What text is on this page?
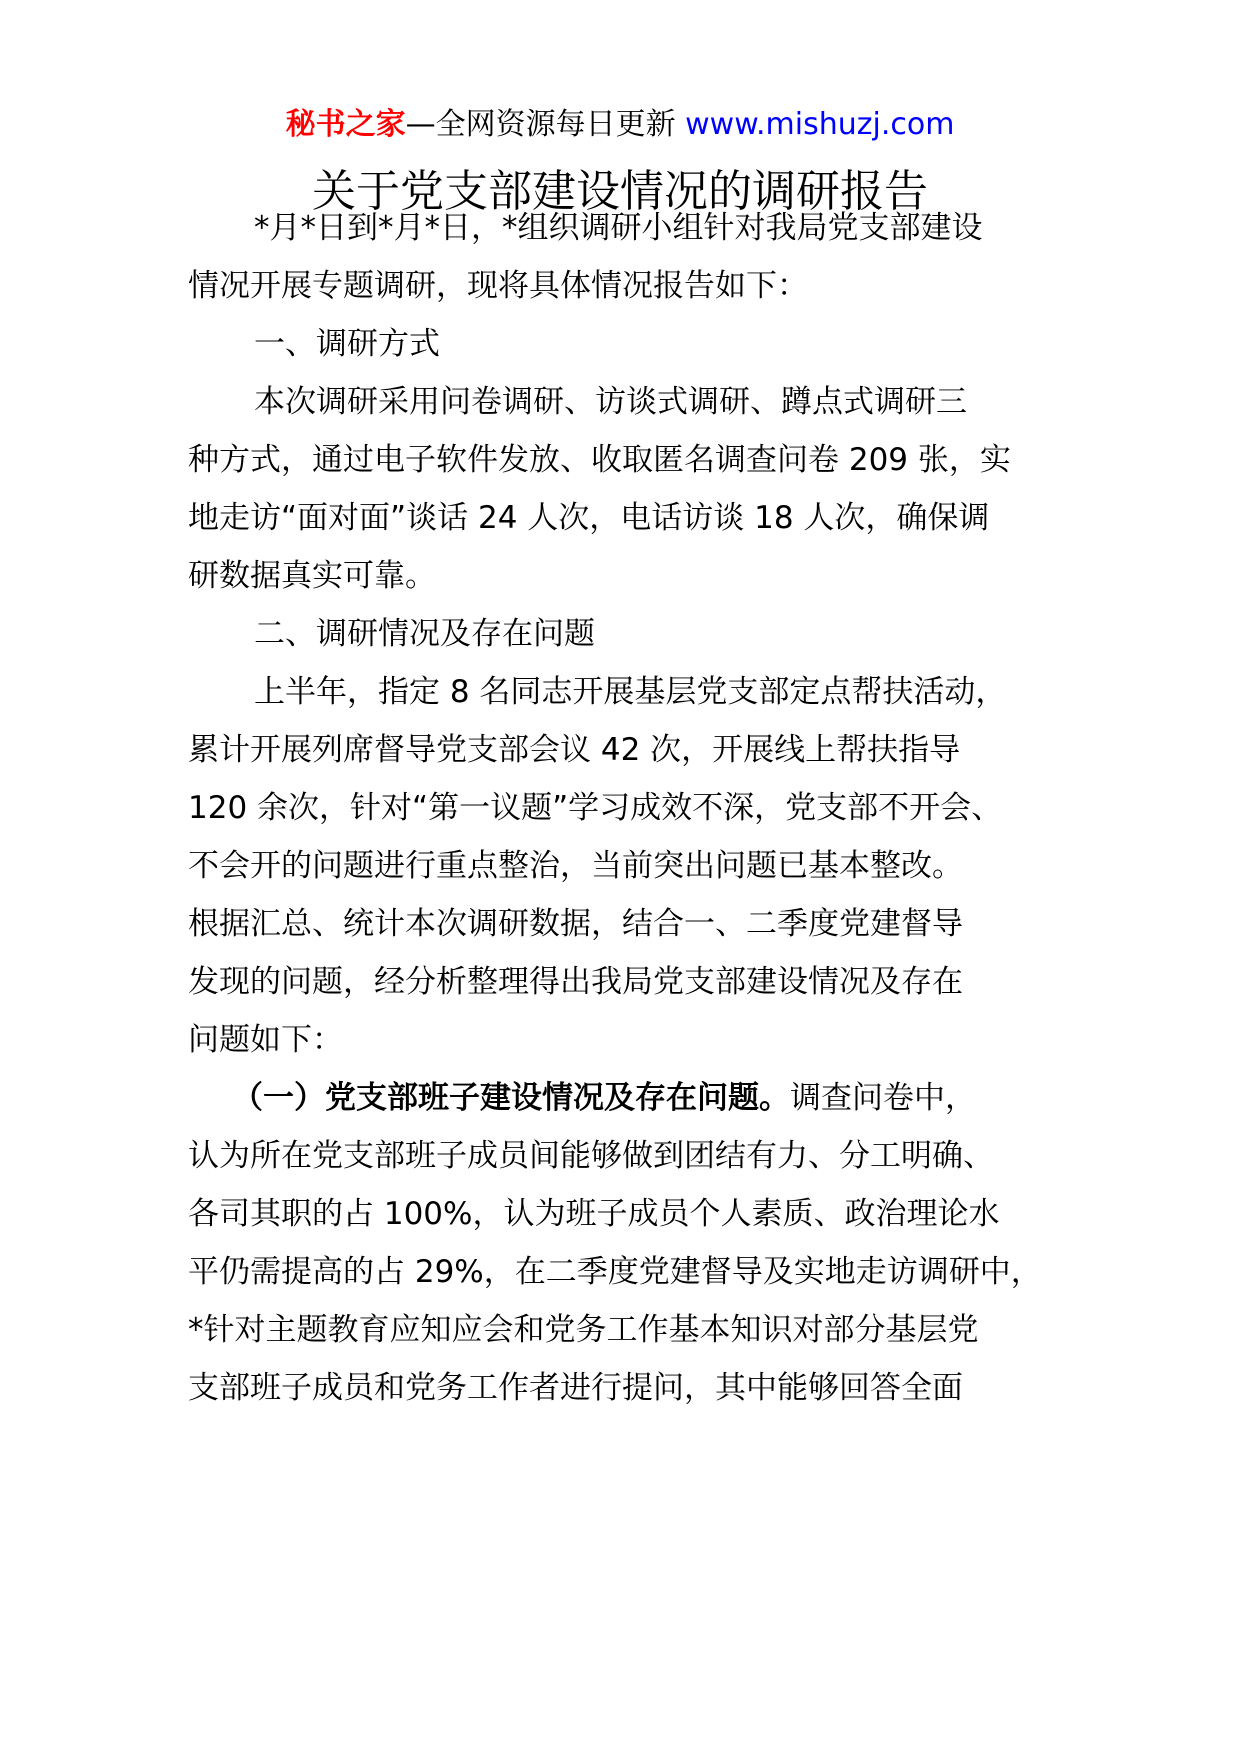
秘书之家—全网资源每日更新 www.mishuzj.com
关于党支部建设情况的调研报告
*月*日到*月*日，*组织调研小组针对我局党支部建设
情况开展专题调研，现将具体情况报告如下：
一、调研方式
本次调研采用问卷调研、访谈式调研、蹲点式调研三
种方式，通过电子软件发放、收取匿名调查问卷 209 张，实
地走访“面对面”谈话 24 人次，电话访谈 18 人次，确保调
研数据真实可靠。
二、调研情况及存在问题
上半年，指定 8 名同志开展基层党支部定点帮扶活动，
累计开展列席督导党支部会议 42 次，开展线上帮扶指导
120 余次，针对“第一议题”学习成效不深，党支部不开会、
不会开的问题进行重点整治，当前突出问题已基本整改。
根据汇总、统计本次调研数据，结合一、二季度党建督导
发现的问题，经分析整理得出我局党支部建设情况及存在
问题如下：
（一）党支部班子建设情况及存在问题。调查问卷中，
认为所在党支部班子成员间能够做到团结有力、分工明确、
各司其职的占 100%，认为班子成员个人素质、政治理论水
平仍需提高的占 29%，在二季度党建督导及实地走访调研中，
*针对主题教育应知应会和党务工作基本知识对部分基层党
支部班子成员和党务工作者进行提问，其中能够回答全面
